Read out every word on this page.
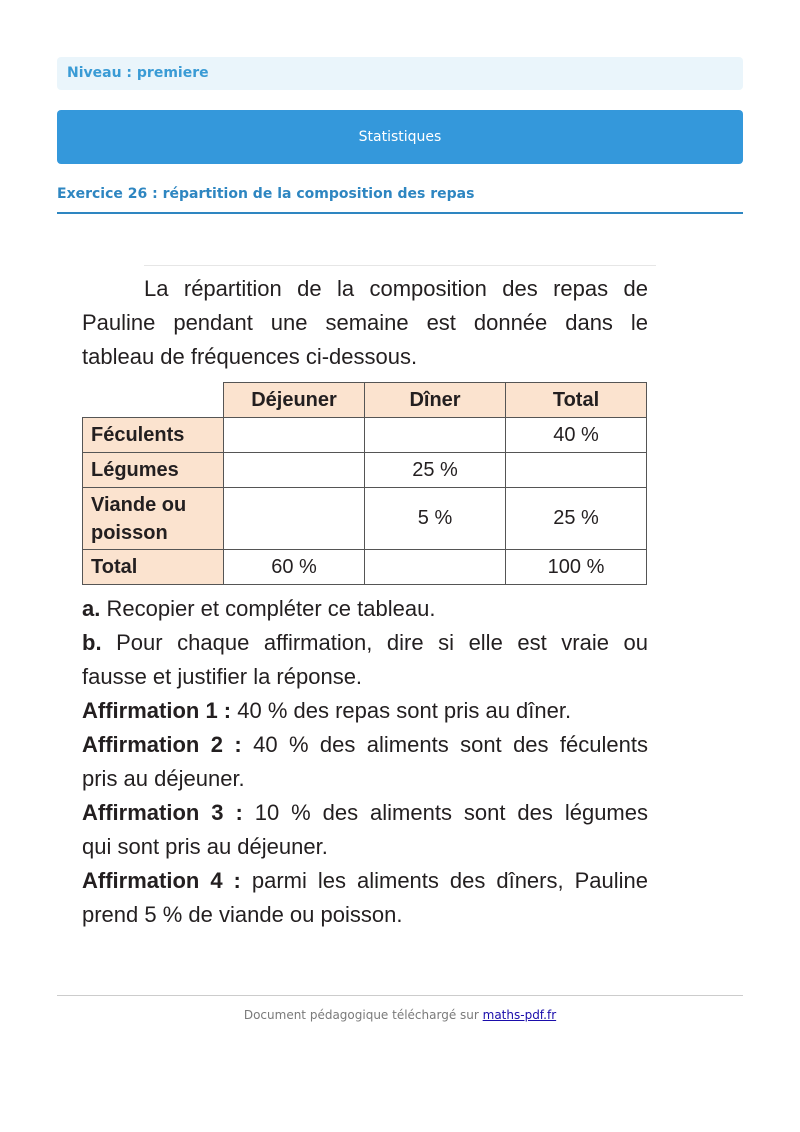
Niveau : premiere
Statistiques
Exercice 26 : répartition de la composition des repas
La répartition de la composition des repas de
Pauline pendant une semaine est donnée dans le
tableau de fréquences ci-dessous.
	Déjeuner	Dîner	Total
Féculents			40 %
Légumes		25 %	
Viande ou
poisson		5 %	25 %
Total	60 %		100 %
a. Recopier et compléter ce tableau.
b. Pour chaque affirmation, dire si elle est vraie ou
fausse et justifier la réponse.
Affirmation 1 : 40 % des repas sont pris au dîner.
Affirmation 2 : 40 % des aliments sont des féculents
pris au déjeuner.
Affirmation 3 : 10 % des aliments sont des légumes
qui sont pris au déjeuner.
Affirmation 4 : parmi les aliments des dîners, Pauline
prend 5 % de viande ou poisson.
Document pédagogique téléchargé sur maths-pdf.fr
